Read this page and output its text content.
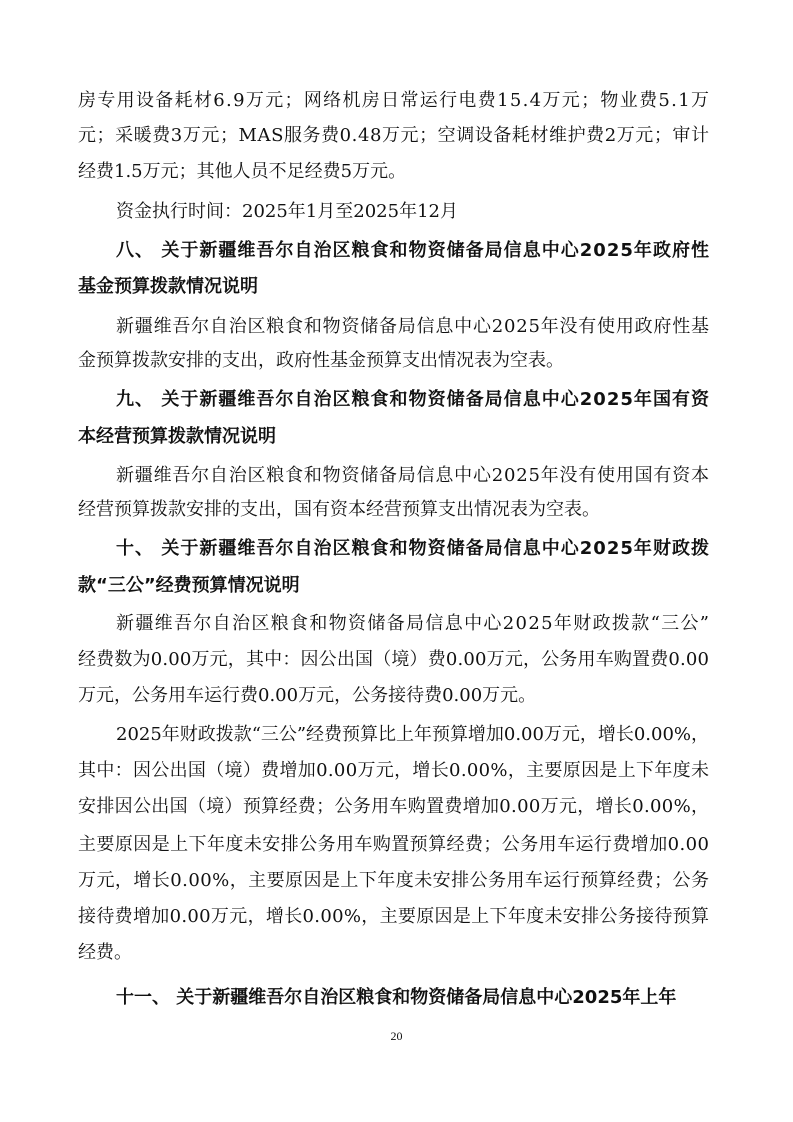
房专用设备耗材6.9万元；网络机房日常运行电费15.4万元；物业费5.1万
元；采暖费3万元；MAS服务费0.48万元；空调设备耗材维护费2万元；审计
经费1.5万元；其他人员不足经费5万元。
资金执行时间：2025年1月至2025年12月
八、 关于新疆维吾尔自治区粮食和物资储备局信息中心2025年政府性
基金预算拨款情况说明
新疆维吾尔自治区粮食和物资储备局信息中心2025年没有使用政府性基
金预算拨款安排的支出，政府性基金预算支出情况表为空表。
九、 关于新疆维吾尔自治区粮食和物资储备局信息中心2025年国有资
本经营预算拨款情况说明
新疆维吾尔自治区粮食和物资储备局信息中心2025年没有使用国有资本
经营预算拨款安排的支出，国有资本经营预算支出情况表为空表。
十、 关于新疆维吾尔自治区粮食和物资储备局信息中心2025年财政拨
款“三公”经费预算情况说明
新疆维吾尔自治区粮食和物资储备局信息中心2025年财政拨款“三公”
经费数为0.00万元，其中：因公出国（境）费0.00万元，公务用车购置费0.00
万元，公务用车运行费0.00万元，公务接待费0.00万元。
2025年财政拨款“三公”经费预算比上年预算增加0.00万元，增长0.00%，
其中：因公出国（境）费增加0.00万元，增长0.00%，主要原因是上下年度未
安排因公出国（境）预算经费；公务用车购置费增加0.00万元，增长0.00%，
主要原因是上下年度未安排公务用车购置预算经费；公务用车运行费增加0.00
万元，增长0.00%，主要原因是上下年度未安排公务用车运行预算经费；公务
接待费增加0.00万元，增长0.00%，主要原因是上下年度未安排公务接待预算
经费。
十一、 关于新疆维吾尔自治区粮食和物资储备局信息中心2025年上年
20
